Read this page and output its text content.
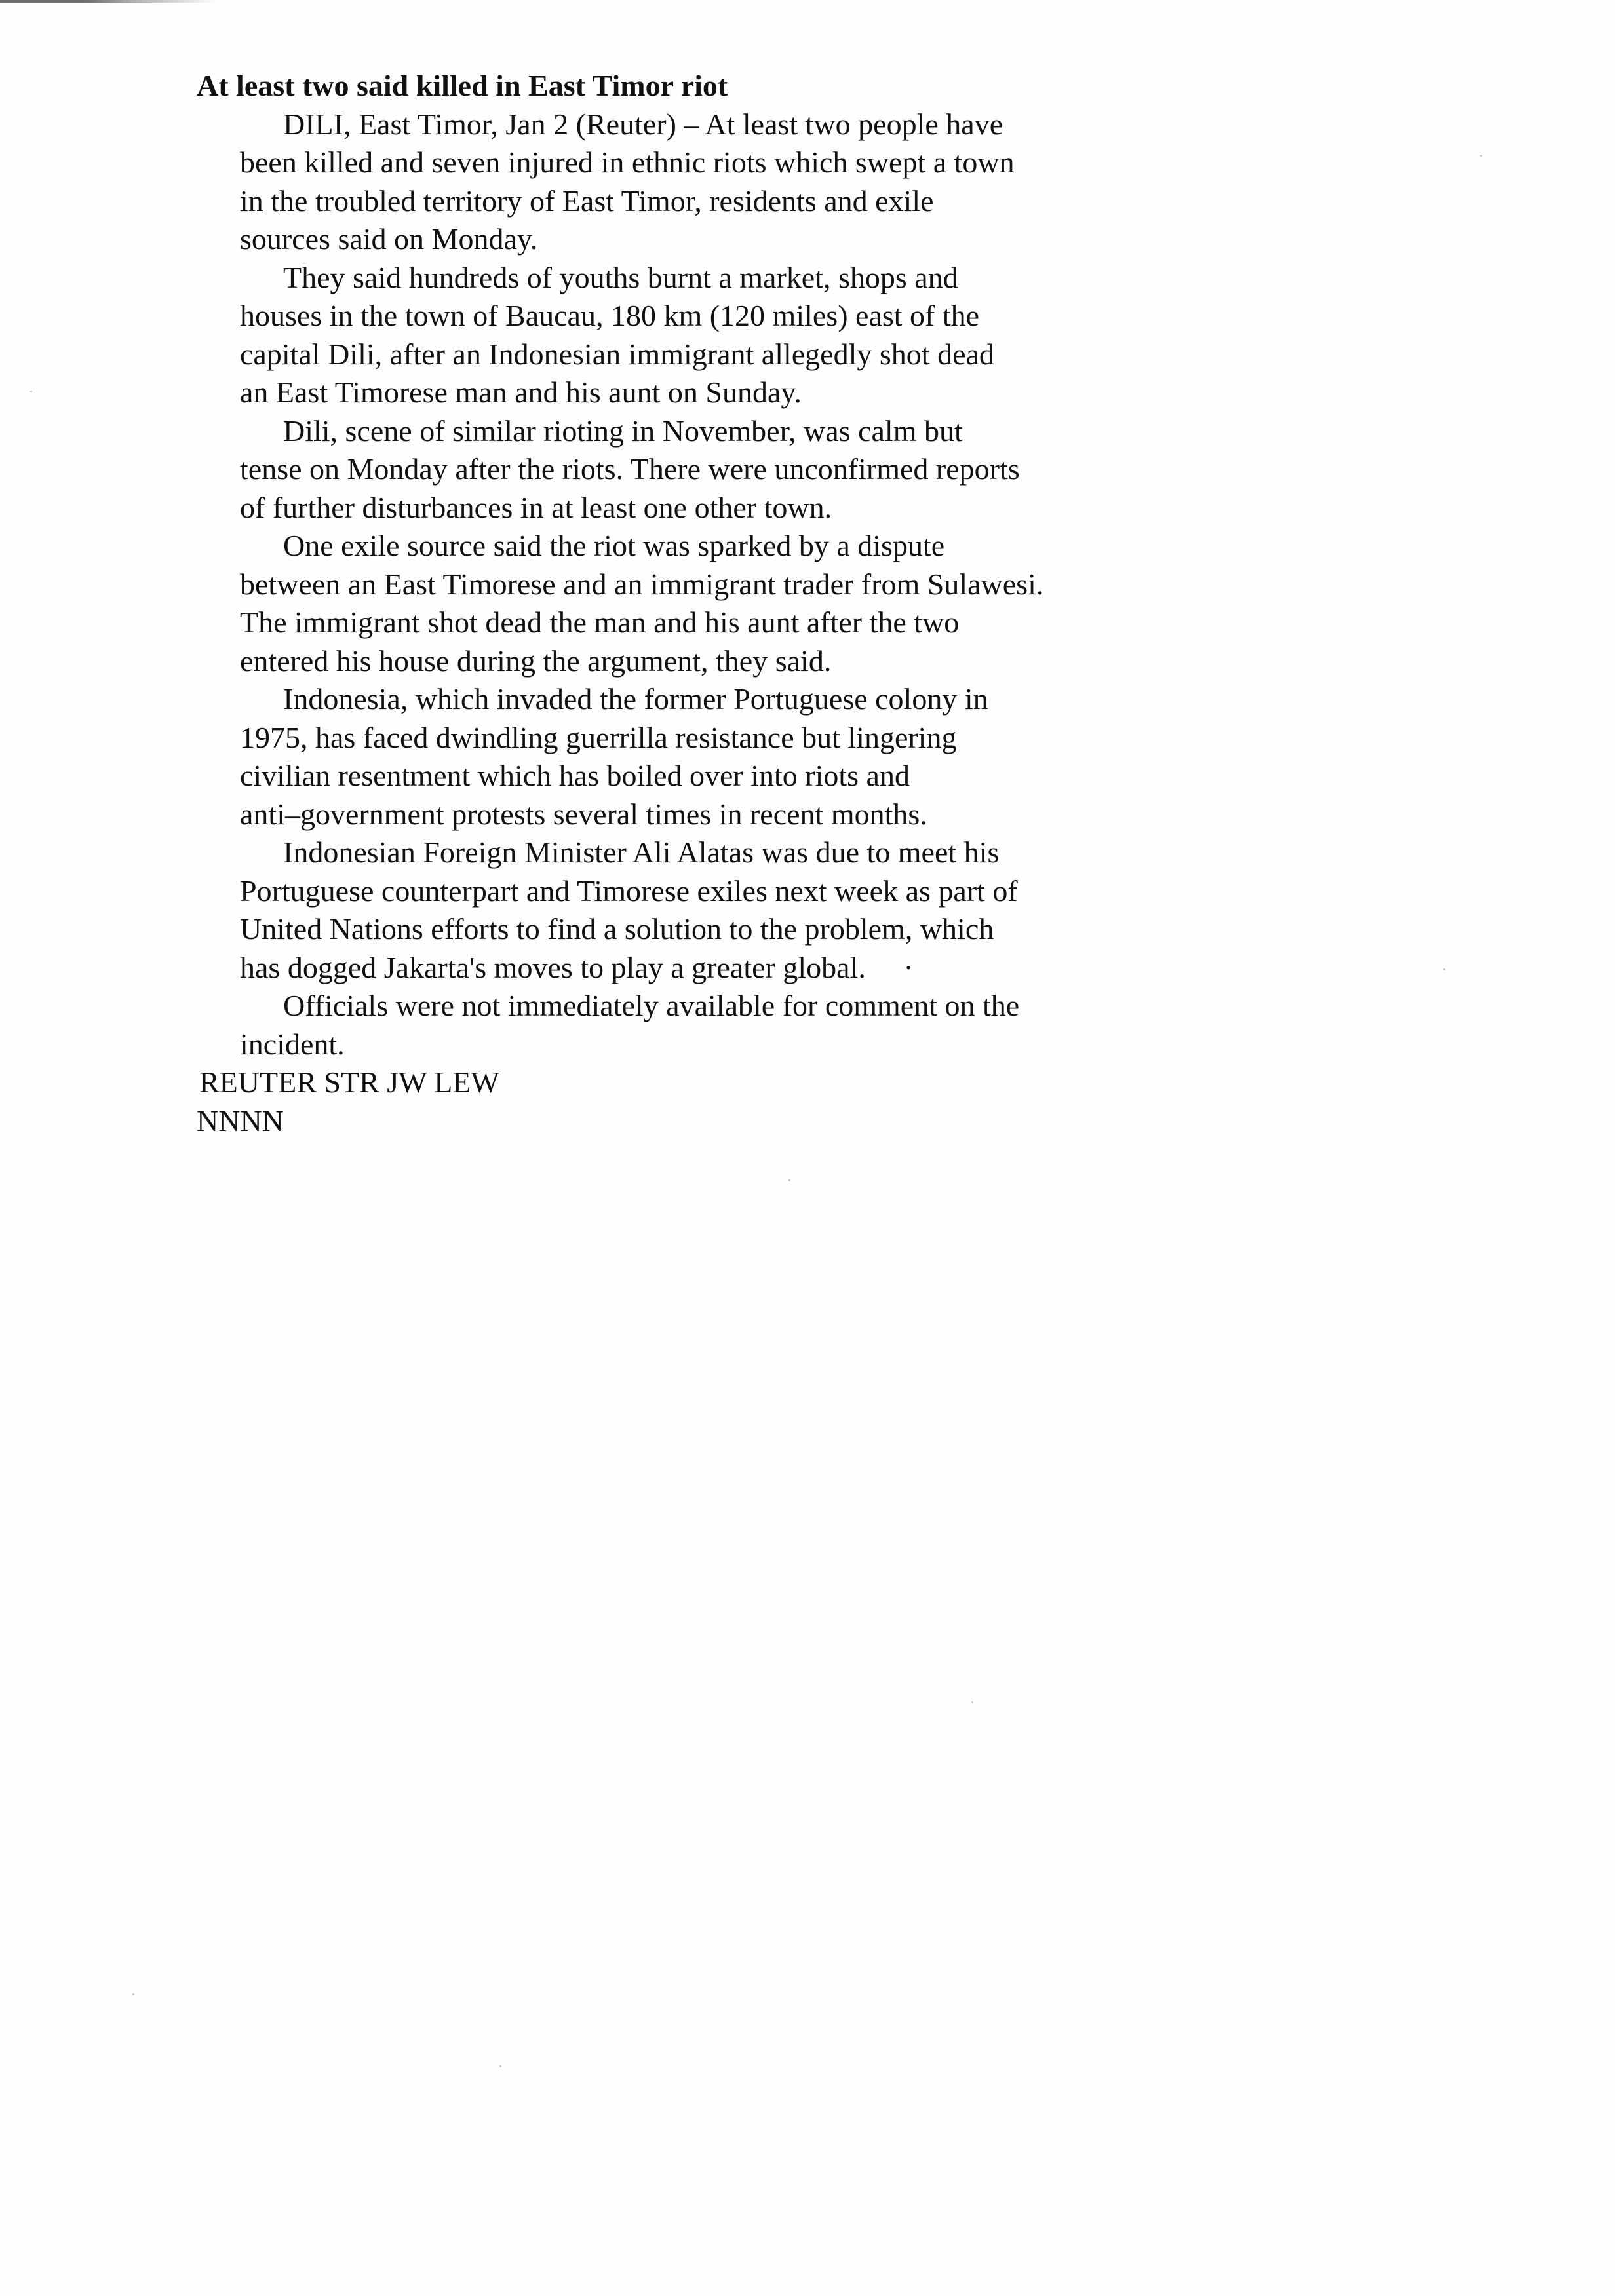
At least two said killed in East Timor riot

DILI, East Timor, Jan 2 (Reuter) – At least two people have
been killed and seven injured in ethnic riots which swept a town
in the troubled territory of East Timor, residents and exile
sources said on Monday.

They said hundreds of youths burnt a market, shops and
houses in the town of Baucau, 180 km (120 miles) east of the
capital Dili, after an Indonesian immigrant allegedly shot dead
an East Timorese man and his aunt on Sunday.

Dili, scene of similar rioting in November, was calm but
tense on Monday after the riots. There were unconfirmed reports
of further disturbances in at least one other town.

One exile source said the riot was sparked by a dispute
between an East Timorese and an immigrant trader from Sulawesi.
The immigrant shot dead the man and his aunt after the two
entered his house during the argument, they said.

Indonesia, which invaded the former Portuguese colony in
1975, has faced dwindling guerrilla resistance but lingering
civilian resentment which has boiled over into riots and
anti–government protests several times in recent months.

Indonesian Foreign Minister Ali Alatas was due to meet his
Portuguese counterpart and Timorese exiles next week as part of
United Nations efforts to find a solution to the problem, which
has dogged Jakarta's moves to play a greater global.     ·

Officials were not immediately available for comment on the
incident.

REUTER STR JW LEW

NNNN
